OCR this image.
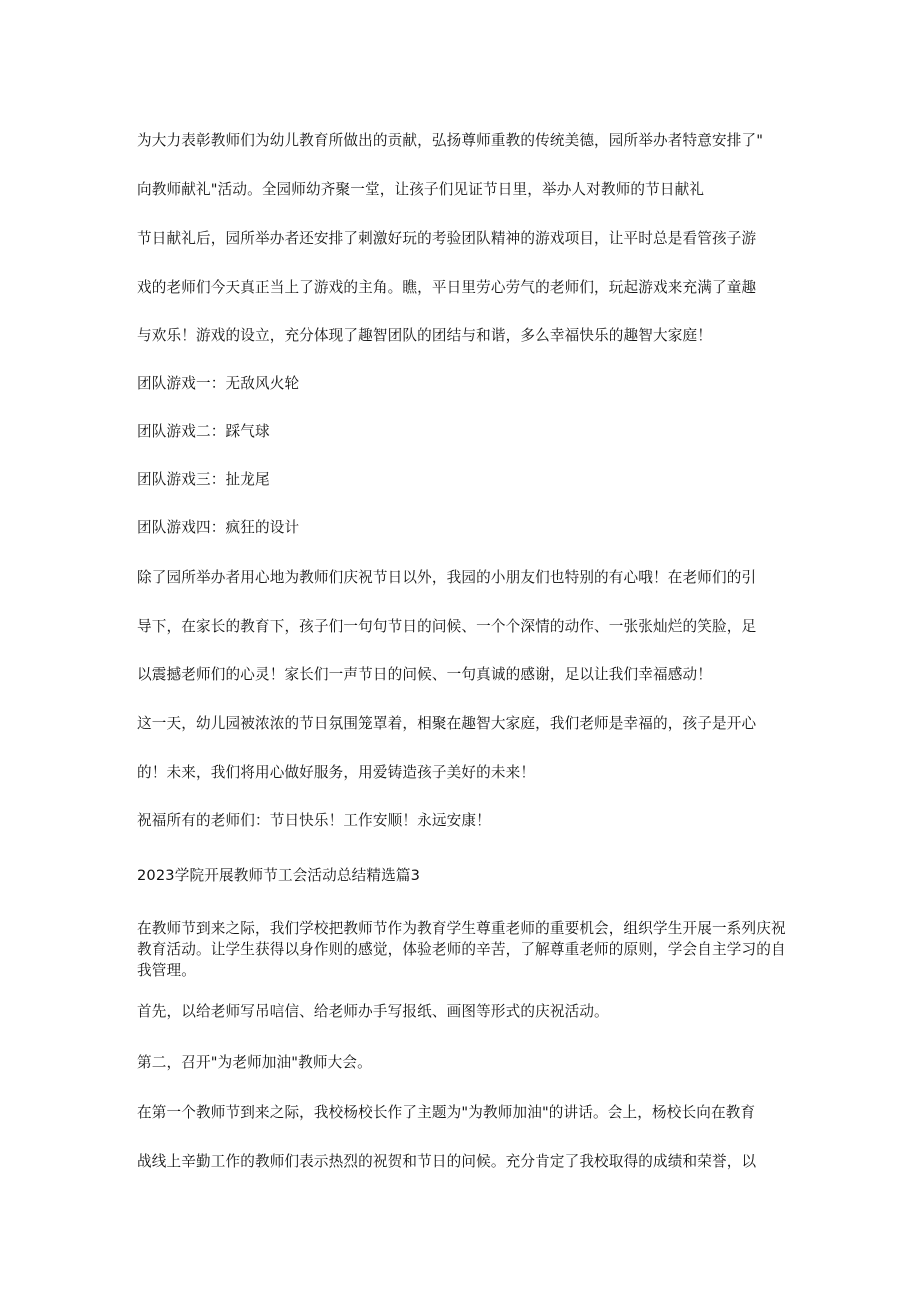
为大力表彰教师们为幼儿教育所做出的贡献，弘扬尊师重教的传统美德，园所举办者特意安排了"
向教师献礼"活动。全园师幼齐聚一堂，让孩子们见证节日里，举办人对教师的节日献礼
节日献礼后，园所举办者还安排了刺激好玩的考验团队精神的游戏项目，让平时总是看管孩子游
戏的老师们今天真正当上了游戏的主角。瞧，平日里劳心劳气的老师们，玩起游戏来充满了童趣
与欢乐！游戏的设立，充分体现了趣智团队的团结与和谐，多么幸福快乐的趣智大家庭！
团队游戏一：无敌风火轮
团队游戏二：踩气球
团队游戏三：扯龙尾
团队游戏四：疯狂的设计
除了园所举办者用心地为教师们庆祝节日以外，我园的小朋友们也特别的有心哦！在老师们的引
导下，在家长的教育下，孩子们一句句节日的问候、一个个深情的动作、一张张灿烂的笑脸，足
以震撼老师们的心灵！家长们一声节日的问候、一句真诚的感谢，足以让我们幸福感动！
这一天，幼儿园被浓浓的节日氛围笼罩着，相聚在趣智大家庭，我们老师是幸福的，孩子是开心
的！未来，我们将用心做好服务，用爱铸造孩子美好的未来！
祝福所有的老师们：节日快乐！工作安顺！永远安康！
2023学院开展教师节工会活动总结精选篇3
在教师节到来之际，我们学校把教师节作为教育学生尊重老师的重要机会，组织学生开展一系列庆祝教育活动。让学生获得以身作则的感觉，体验老师的辛苦，了解尊重老师的原则，学会自主学习的自我管理。
首先，以给老师写吊唁信、给老师办手写报纸、画图等形式的庆祝活动。
第二，召开"为老师加油"教师大会。
在第一个教师节到来之际，我校杨校长作了主题为"为教师加油"的讲话。会上，杨校长向在教育
战线上辛勤工作的教师们表示热烈的祝贺和节日的问候。充分肯定了我校取得的成绩和荣誉，以
